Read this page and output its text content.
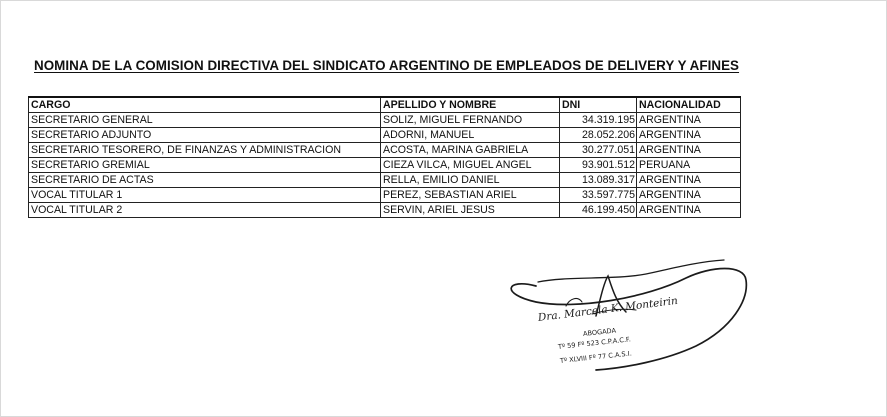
NOMINA DE LA COMISION DIRECTIVA DEL SINDICATO ARGENTINO DE EMPLEADOS DE DELIVERY Y AFINES
CARGO	APELLIDO Y NOMBRE	DNI	NACIONALIDAD
SECRETARIO GENERAL	SOLIZ, MIGUEL FERNANDO	34.319.195	ARGENTINA
SECRETARIO ADJUNTO	ADORNI, MANUEL	28.052.206	ARGENTINA
SECRETARIO TESORERO, DE FINANZAS Y ADMINISTRACION	ACOSTA, MARINA GABRIELA	30.277.051	ARGENTINA
SECRETARIO GREMIAL	CIEZA VILCA, MIGUEL ANGEL	93.901.512	PERUANA
SECRETARIO DE ACTAS	RELLA, EMILIO DANIEL	13.089.317	ARGENTINA
VOCAL TITULAR 1	PEREZ, SEBASTIAN ARIEL	33.597.775	ARGENTINA
VOCAL TITULAR 2	SERVIN, ARIEL JESUS	46.199.450	ARGENTINA
Dra. Marcela K. Monteirin
ABOGADA
Tº 59 Fº 523 C.P.A.C.F.
Tº XLVIII Fº 77 C.A.S.I.
